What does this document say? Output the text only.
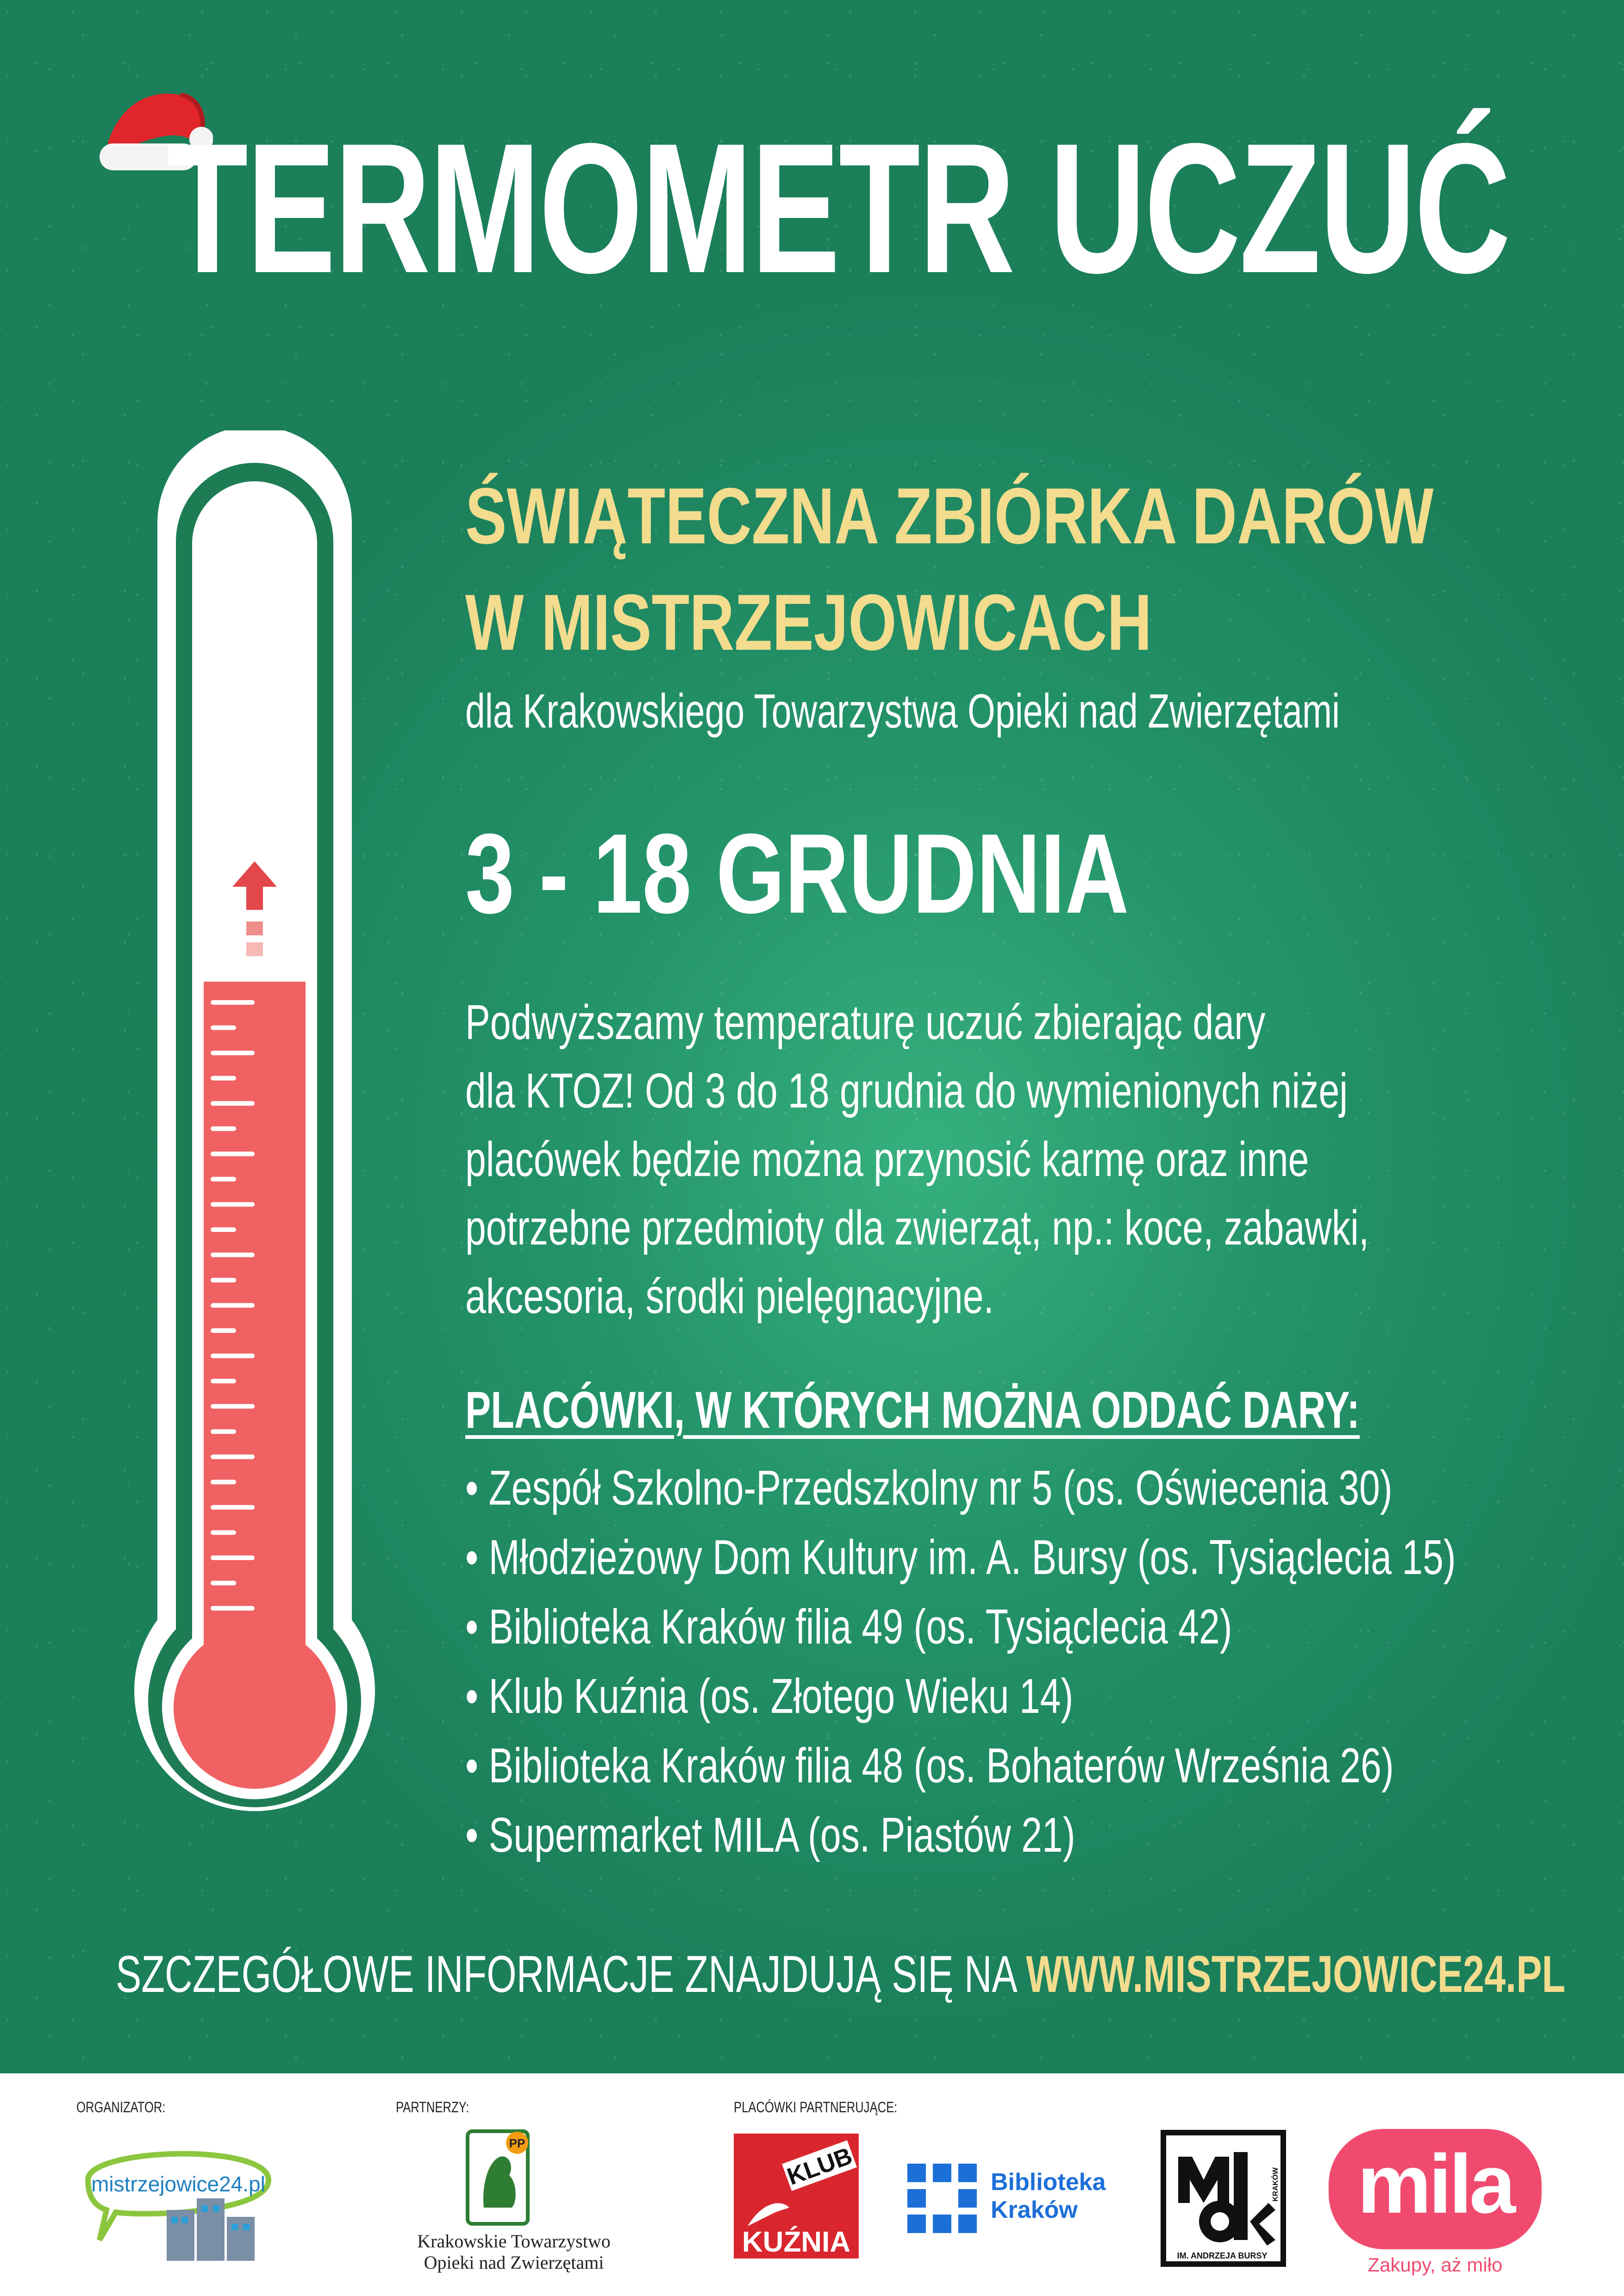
TERMOMETR UCZUĆ
ŚWIĄTECZNA ZBIÓRKA DARÓW
W MISTRZEJOWICACH
dla Krakowskiego Towarzystwa Opieki nad Zwierzętami
3 - 18 GRUDNIA
Podwyższamy temperaturę uczuć zbierając dary
dla KTOZ! Od 3 do 18 grudnia do wymienionych niżej
placówek będzie można przynosić karmę oraz inne
potrzebne przedmioty dla zwierząt, np.: koce, zabawki,
akcesoria, środki pielęgnacyjne.
PLACÓWKI, W KTÓRYCH MOŻNA ODDAĆ DARY:
• Zespół Szkolno-Przedszkolny nr 5 (os. Oświecenia 30)
• Młodzieżowy Dom Kultury im. A. Bursy (os. Tysiąclecia 15)
• Biblioteka Kraków filia 49 (os. Tysiąclecia 42)
• Klub Kuźnia (os. Złotego Wieku 14)
• Biblioteka Kraków filia 48 (os. Bohaterów Września 26)
• Supermarket MILA (os. Piastów 21)
SZCZEGÓŁOWE INFORMACJE ZNAJDUJĄ SIĘ NA WWW.MISTRZEJOWICE24.PL
ORGANIZATOR:	PARTNERZY:	PLACÓWKI PARTNERUJĄCE:
mistrzejowice24.pl
PP
Krakowskie Towarzystwo
Opieki nad Zwierzętami
KLUB
KUŹNIA
Biblioteka
Kraków
IM. ANDRZEJA BURSY
KRAKÓW mila
Zakupy, aż miło
